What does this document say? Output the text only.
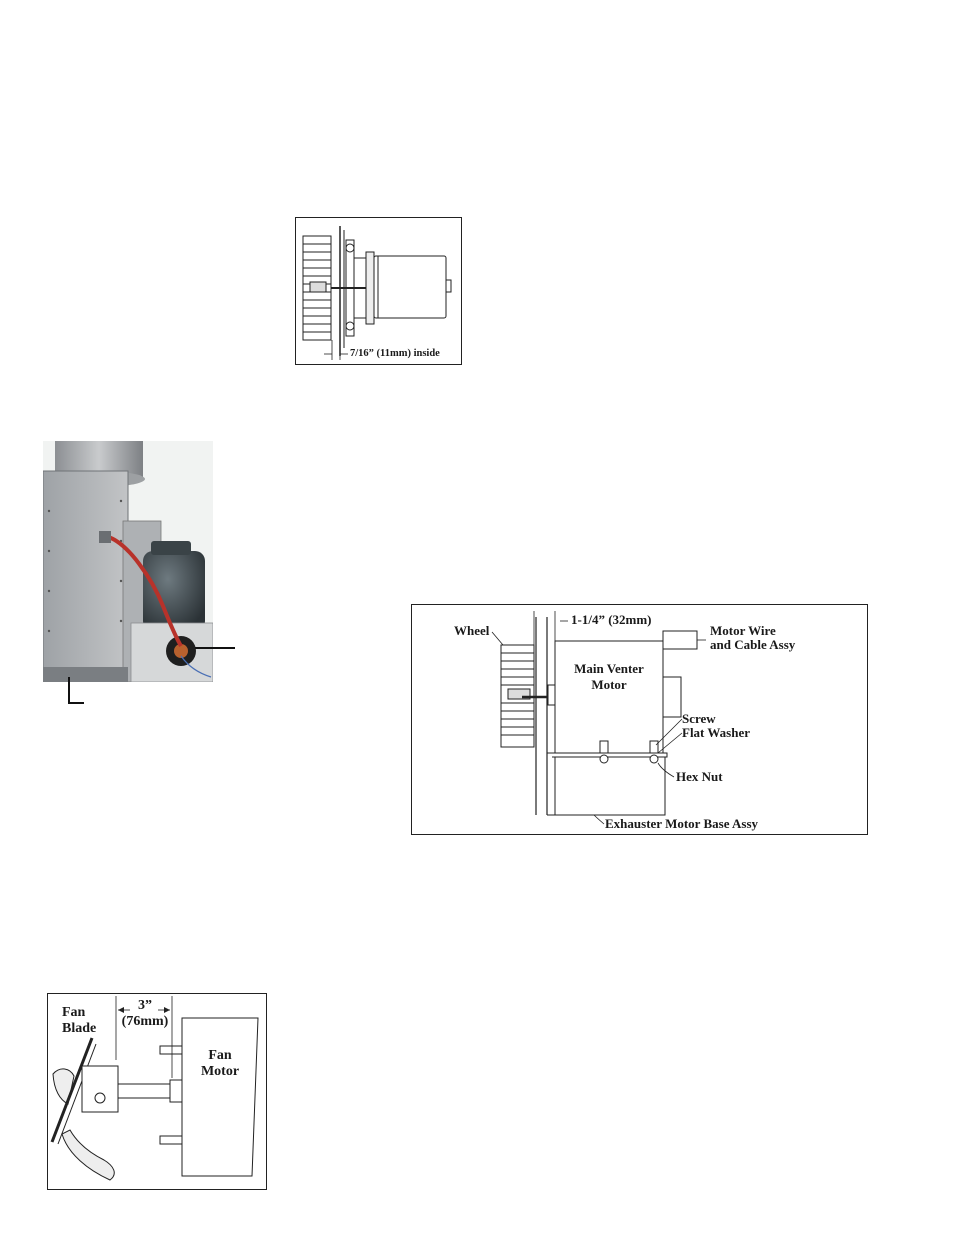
7/16” (11mm) inside
Wheel
1-1/4” (32mm)
Main Venter
Motor
Motor Wire
and Cable Assy
Screw
Flat Washer
Hex Nut
Exhauster Motor Base Assy
Fan
Blade
3”
(76mm)
Fan
Motor
